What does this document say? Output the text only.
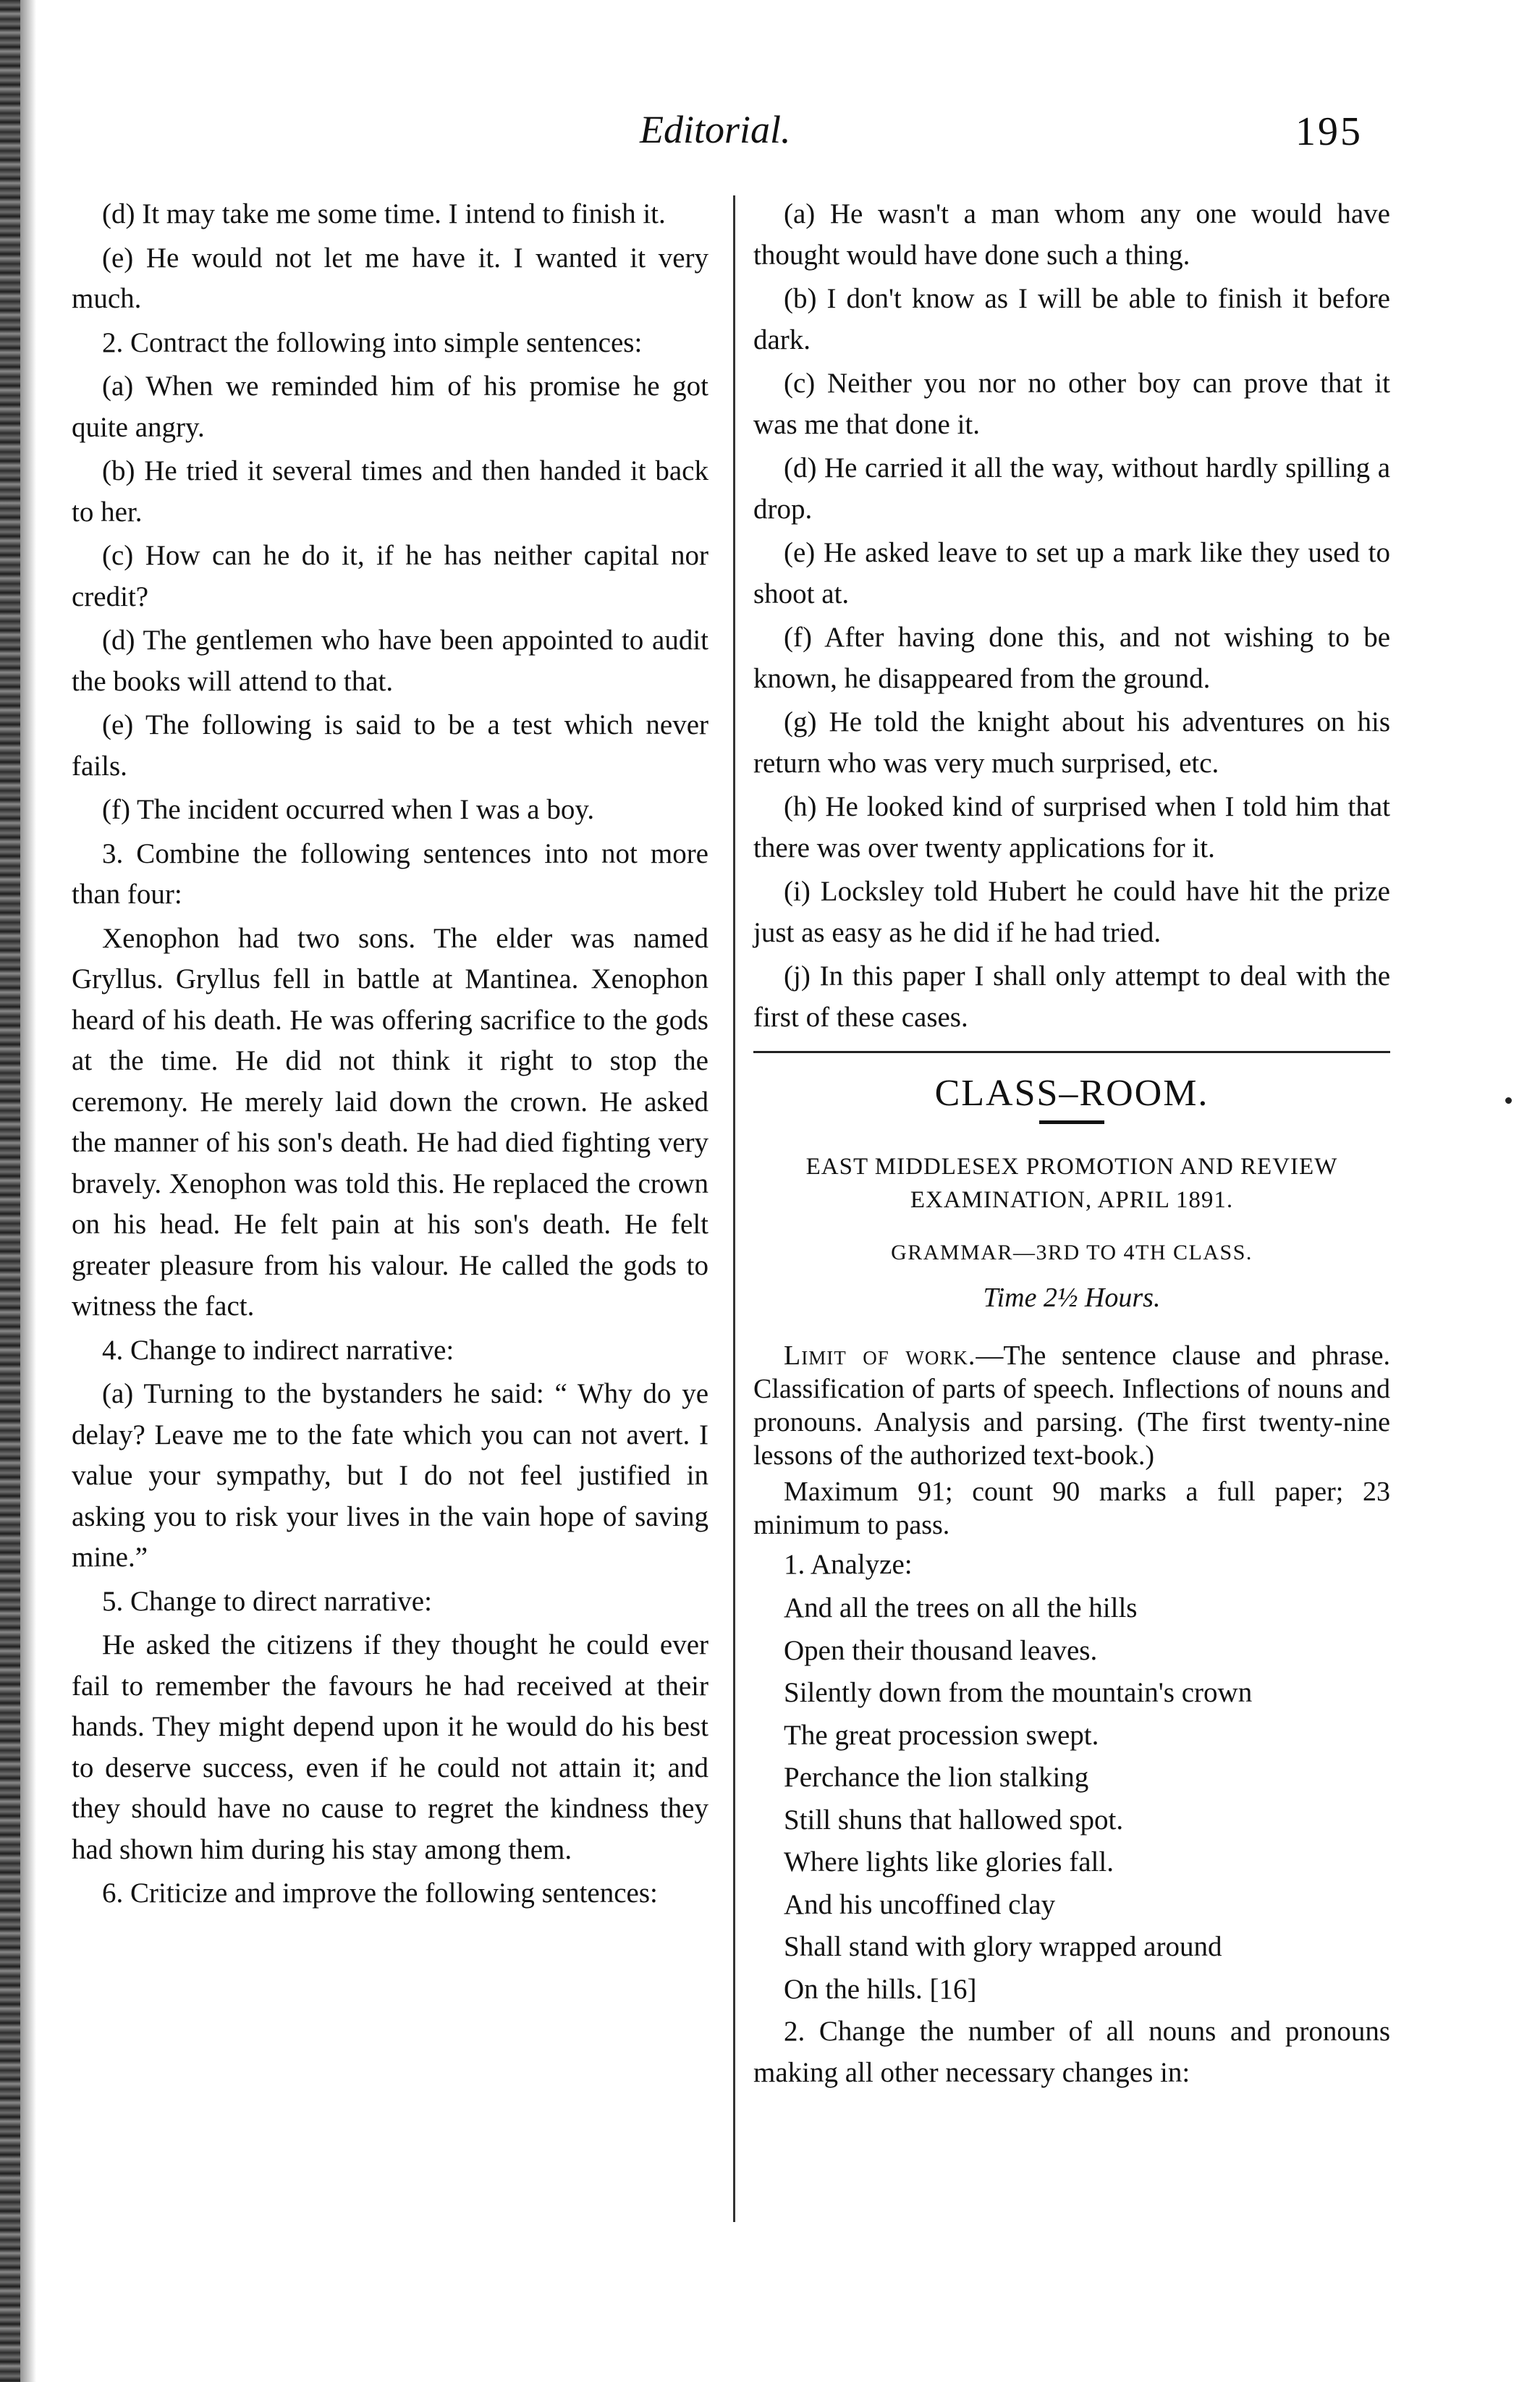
Editorial.	195

(d) It may take me some time. I intend to finish it.

(e) He would not let me have it. I wanted it very much.

2. Contract the following into simple sentences:

(a) When we reminded him of his promise he got quite angry.

(b) He tried it several times and then handed it back to her.

(c) How can he do it, if he has neither capital nor credit?

(d) The gentlemen who have been appointed to audit the books will attend to that.

(e) The following is said to be a test which never fails.

(f) The incident occurred when I was a boy.

3. Combine the following sentences into not more than four:

Xenophon had two sons. The elder was named Gryllus. Gryllus fell in battle at Mantinea. Xenophon heard of his death. He was offering sacrifice to the gods at the time. He did not think it right to stop the ceremony. He merely laid down the crown. He asked the manner of his son's death. He had died fighting very bravely. Xenophon was told this. He replaced the crown on his head. He felt pain at his son's death. He felt greater pleasure from his valour. He called the gods to witness the fact.

4. Change to indirect narrative:

(a) Turning to the bystanders he said: “ Why do ye delay? Leave me to the fate which you can not avert. I value your sympathy, but I do not feel justified in asking you to risk your lives in the vain hope of saving mine.”

5. Change to direct narrative:

He asked the citizens if they thought he could ever fail to remember the favours he had received at their hands. They might depend upon it he would do his best to deserve success, even if he could not attain it; and they should have no cause to regret the kindness they had shown him during his stay among them.

6. Criticize and improve the following sentences:

(a) He wasn't a man whom any one would have thought would have done such a thing.

(b) I don't know as I will be able to finish it before dark.

(c) Neither you nor no other boy can prove that it was me that done it.

(d) He carried it all the way, without hardly spilling a drop.

(e) He asked leave to set up a mark like they used to shoot at.

(f) After having done this, and not wishing to be known, he disappeared from the ground.

(g) He told the knight about his adventures on his return who was very much surprised, etc.

(h) He looked kind of surprised when I told him that there was over twenty applications for it.

(i) Locksley told Hubert he could have hit the prize just as easy as he did if he had tried.

(j) In this paper I shall only attempt to deal with the first of these cases.

CLASS–ROOM.
EAST MIDDLESEX PROMOTION AND REVIEW EXAMINATION, APRIL 1891.
GRAMMAR—3RD TO 4TH CLASS.
Time 2½ Hours.

Limit of work.—The sentence clause and phrase. Classification of parts of speech. Inflections of nouns and pronouns. Analysis and parsing. (The first twenty-nine lessons of the authorized text-book.)

Maximum 91; count 90 marks a full paper; 23 minimum to pass.

1. Analyze:

And all the trees on all the hills

Open their thousand leaves.

Silently down from the mountain's crown

The great procession swept.

Perchance the lion stalking

Still shuns that hallowed spot.

Where lights like glories fall.

And his uncoffined clay

Shall stand with glory wrapped around

On the hills. [16]

2. Change the number of all nouns and pronouns making all other necessary changes in:
